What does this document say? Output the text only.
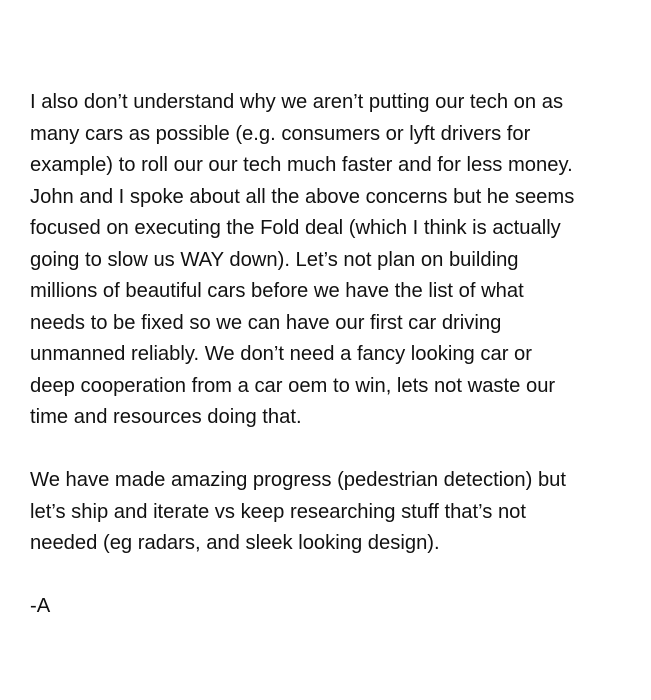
I also don’t understand why we aren’t putting our tech on as
many cars as possible (e.g. consumers or lyft drivers for
example) to roll our our tech much faster and for less money.
John and I spoke about all the above concerns but he seems
focused on executing the Fold deal (which I think is actually
going to slow us WAY down). Let’s not plan on building
millions of beautiful cars before we have the list of what
needs to be fixed so we can have our first car driving
unmanned reliably. We don’t need a fancy looking car or
deep cooperation from a car oem to win, lets not waste our
time and resources doing that.
We have made amazing progress (pedestrian detection) but
let’s ship and iterate vs keep researching stuff that’s not
needed (eg radars, and sleek looking design).
-A
